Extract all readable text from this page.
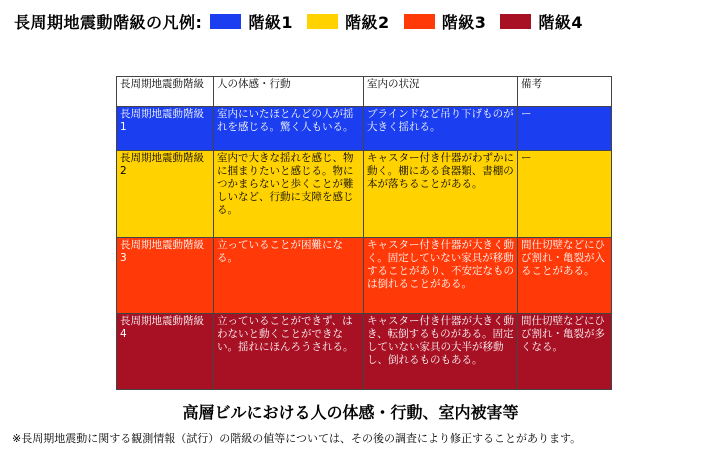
長周期地震動階級の凡例:	階級1	階級2	階級3	階級4
長周期地震動階級	人の体感・行動	室内の状況	備考
長周期地震動階級1	室内にいたほとんどの人が揺れを感じる。驚く人もいる。	ブラインドなど吊り下げものが大きく揺れる。	ー
長周期地震動階級2	室内で大きな揺れを感じ、物に掴まりたいと感じる。物につかまらないと歩くことが難しいなど、行動に支障を感じる。	キャスター付き什器がわずかに動く。棚にある食器類、書棚の本が落ちることがある。	ー
長周期地震動階級3	立っていることが困難になる。	キャスター付き什器が大きく動く。固定していない家具が移動することがあり、不安定なものは倒れることがある。	間仕切壁などにひび割れ・亀裂が入ることがある。
長周期地震動階級4	立っていることができず、はわないと動くことができない。揺れにほんろうされる。	キャスター付き什器が大きく動き、転倒するものがある。固定していない家具の大半が移動し、倒れるものもある。	間仕切壁などにひび割れ・亀裂が多くなる。
高層ビルにおける人の体感・行動、室内被害等
※長周期地震動に関する観測情報（試行）の階級の値等については、その後の調査により修正することがあります。
